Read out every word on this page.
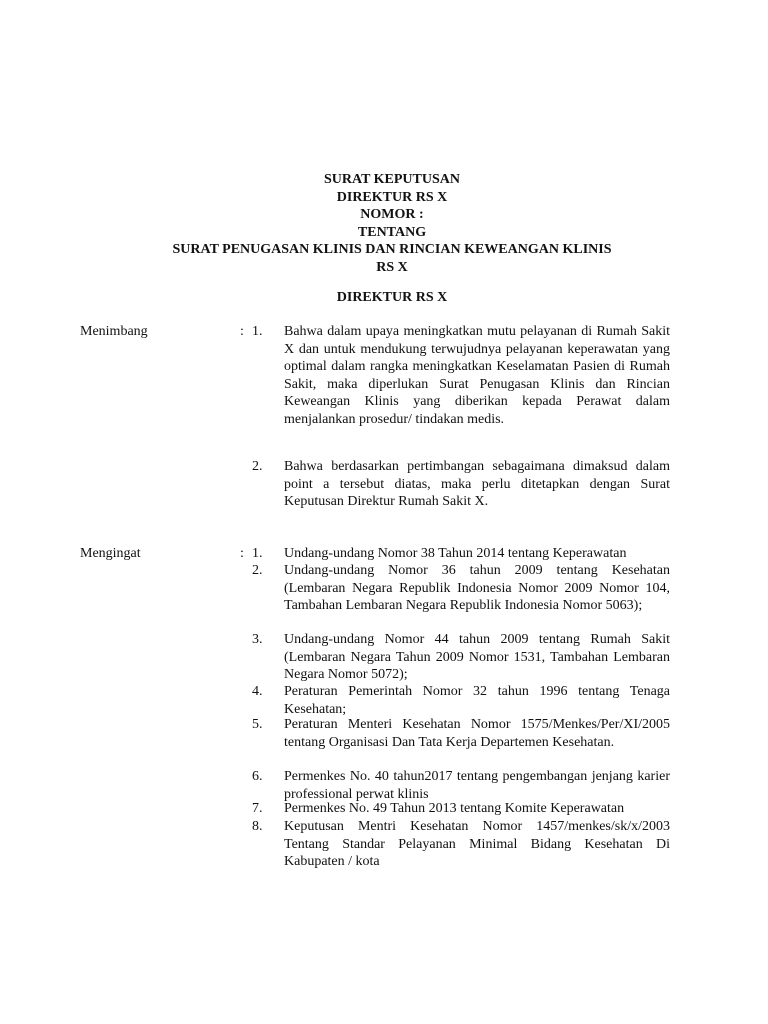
SURAT KEPUTUSAN
DIREKTUR RS X
NOMOR :
TENTANG
SURAT PENUGASAN KLINIS DAN RINCIAN KEWEANGAN KLINIS
RS X
DIREKTUR RS X
Menimbang	: 1.	Bahwa dalam upaya meningkatkan mutu pelayanan di Rumah Sakit X dan untuk mendukung terwujudnya pelayanan keperawatan yang optimal dalam rangka meningkatkan Keselamatan Pasien di Rumah Sakit, maka diperlukan Surat Penugasan Klinis dan Rincian Keweangan Klinis yang diberikan kepada Perawat dalam menjalankan prosedur/ tindakan medis.
2.	Bahwa berdasarkan pertimbangan sebagaimana dimaksud dalam point a tersebut diatas, maka perlu ditetapkan dengan Surat Keputusan Direktur Rumah Sakit X.
Mengingat	: 1.	Undang-undang Nomor 38 Tahun 2014 tentang Keperawatan
2.	Undang-undang Nomor 36 tahun 2009 tentang Kesehatan (Lembaran Negara Republik Indonesia Nomor 2009 Nomor 104, Tambahan Lembaran Negara Republik Indonesia Nomor 5063);
3.	Undang-undang Nomor 44 tahun 2009 tentang Rumah Sakit (Lembaran Negara Tahun 2009 Nomor 1531, Tambahan Lembaran Negara Nomor 5072);
4.	Peraturan Pemerintah Nomor 32 tahun 1996 tentang Tenaga Kesehatan;
5.	Peraturan Menteri Kesehatan Nomor 1575/Menkes/Per/XI/2005 tentang Organisasi Dan Tata Kerja Departemen Kesehatan.
6.	Permenkes No. 40 tahun2017 tentang pengembangan jenjang karier professional perwat klinis
7.	Permenkes No. 49 Tahun 2013 tentang Komite Keperawatan
8.	Keputusan Mentri Kesehatan Nomor 1457/menkes/sk/x/2003 Tentang Standar Pelayanan Minimal Bidang Kesehatan Di Kabupaten / kota
